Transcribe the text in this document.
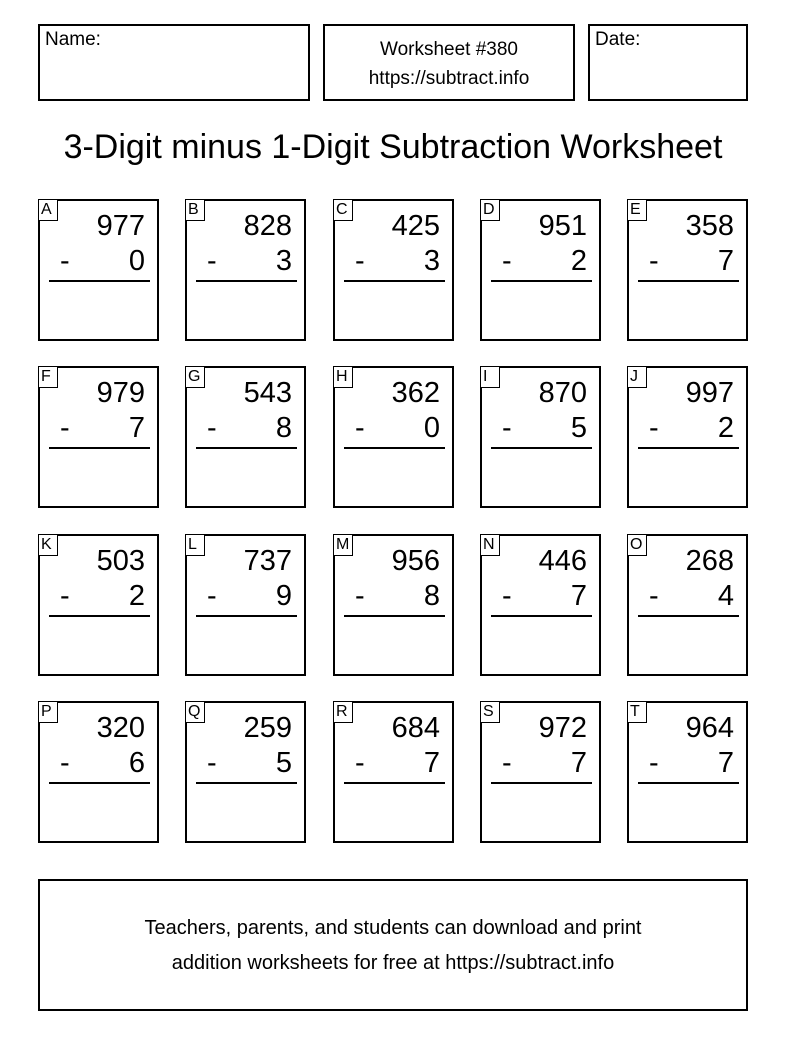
Name:	Worksheet #380
https://subtract.info
Date:
3-Digit minus 1-Digit Subtraction Worksheet
A
977
- 0
B
828
- 3
C
425
- 3
D
951
- 2
E
358
- 7
F
979
- 7
G
543
- 8
H
362
- 0
I
870
- 5
J
997
- 2
K
503
- 2
L
737
- 9
M
956
- 8
N
446
- 7
O
268
- 4
P
320
- 6
Q
259
- 5
R
684
- 7
S
972
- 7
T
964
- 7
Teachers, parents, and students can download and print
addition worksheets for free at https://subtract.info
